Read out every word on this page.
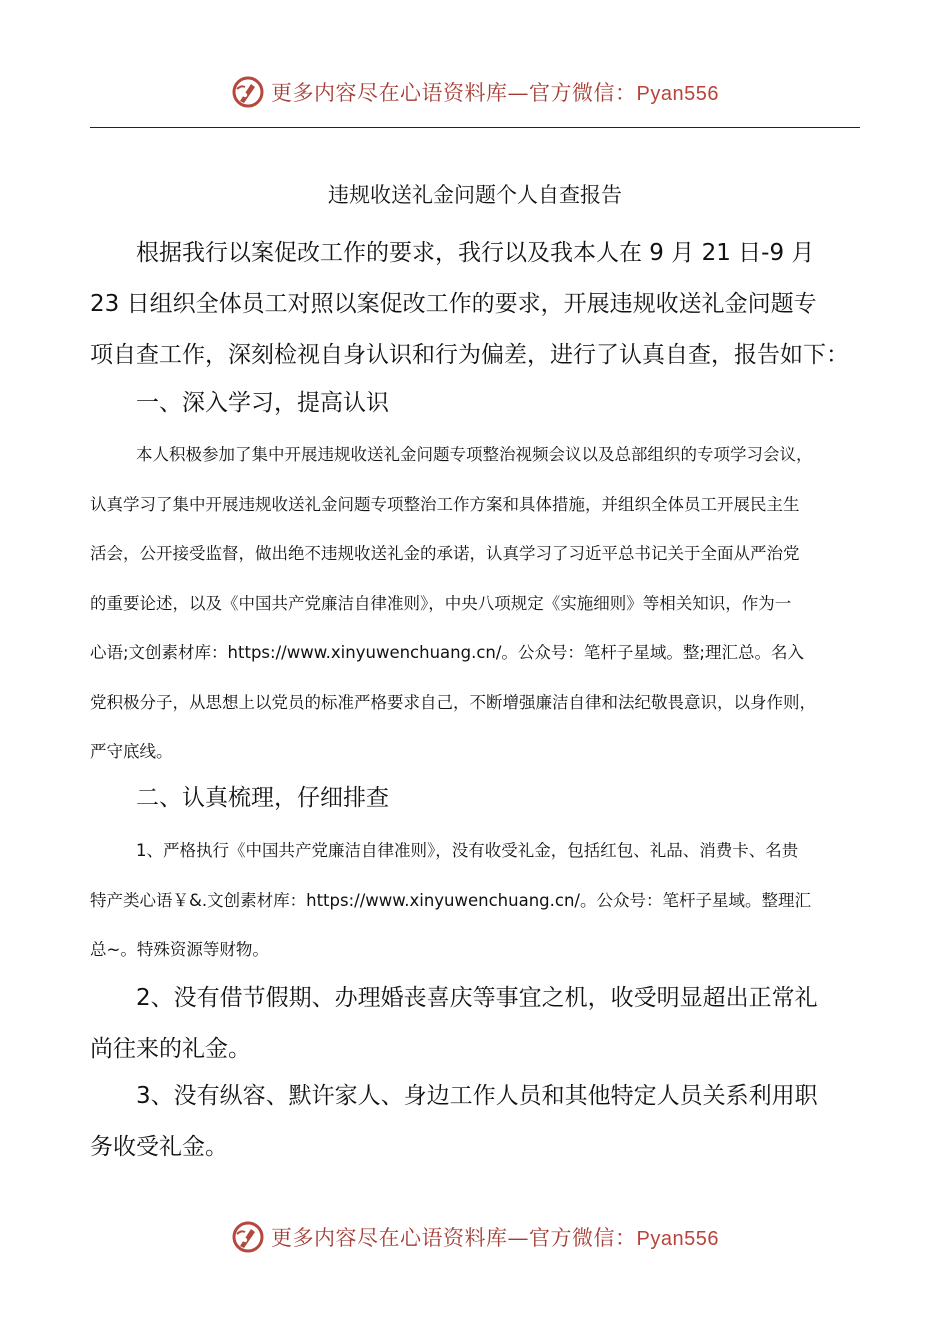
更多内容尽在心语资料库—官方微信：Pyan556
违规收送礼金问题个人自查报告
根据我行以案促改工作的要求，我行以及我本人在 9 月 21 日-9 月
23 日组织全体员工对照以案促改工作的要求，开展违规收送礼金问题专
项自查工作，深刻检视自身认识和行为偏差，进行了认真自查，报告如下：
一、深入学习，提高认识
本人积极参加了集中开展违规收送礼金问题专项整治视频会议以及总部组织的专项学习会议，
认真学习了集中开展违规收送礼金问题专项整治工作方案和具体措施，并组织全体员工开展民主生
活会，公开接受监督，做出绝不违规收送礼金的承诺，认真学习了习近平总书记关于全面从严治党
的重要论述，以及《中国共产党廉洁自律准则》，中央八项规定《实施细则》等相关知识，作为一
心语;文创素材库：https://www.xinyuwenchuang.cn/。公众号：笔杆子星域。整;理汇总。名入
党积极分子，从思想上以党员的标准严格要求自己，不断增强廉洁自律和法纪敬畏意识，以身作则，
严守底线。
二、认真梳理，仔细排查
1、严格执行《中国共产党廉洁自律准则》，没有收受礼金，包括红包、礼品、消费卡、名贵
特产类心语￥&.文创素材库：https://www.xinyuwenchuang.cn/。公众号：笔杆子星域。整理汇
总~。特殊资源等财物。
2、没有借节假期、办理婚丧喜庆等事宜之机，收受明显超出正常礼
尚往来的礼金。
3、没有纵容、默许家人、身边工作人员和其他特定人员关系利用职
务收受礼金。
更多内容尽在心语资料库—官方微信：Pyan556
